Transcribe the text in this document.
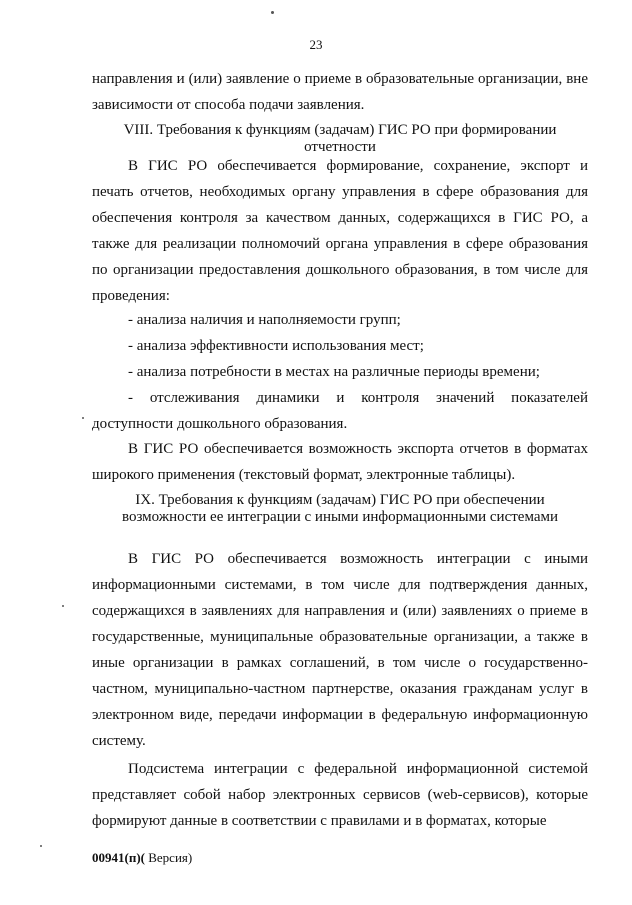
23
направления и (или) заявление о приеме в образовательные организации, вне зависимости от способа подачи заявления.
VIII. Требования к функциям (задачам) ГИС РО при формировании
отчетности
В ГИС РО обеспечивается формирование, сохранение, экспорт и печать отчетов, необходимых органу управления в сфере образования для обеспечения контроля за качеством данных, содержащихся в ГИС РО, а также для реализации полномочий органа управления в сфере образования по организации предоставления дошкольного образования, в том числе для проведения:
- анализа наличия и наполняемости групп;
- анализа эффективности использования мест;
- анализа потребности в местах на различные периоды времени;
- отслеживания динамики и контроля значений показателей доступности дошкольного образования.
В ГИС РО обеспечивается возможность экспорта отчетов в форматах широкого применения (текстовый формат, электронные таблицы).
IX. Требования к функциям (задачам) ГИС РО при обеспечении
возможности ее интеграции с иными информационными системами
В ГИС РО обеспечивается возможность интеграции с иными информационными системами, в том числе для подтверждения данных, содержащихся в заявлениях для направления и (или) заявлениях о приеме в государственные, муниципальные образовательные организации, а также в иные организации в рамках соглашений, в том числе о государственно-частном, муниципально-частном партнерстве, оказания гражданам услуг в электронном виде, передачи информации в федеральную информационную систему.
Подсистема интеграции с федеральной информационной системой представляет собой набор электронных сервисов (web-сервисов), которые формируют данные в соответствии с правилами и в форматах, которые
00941(п)( Версия)
